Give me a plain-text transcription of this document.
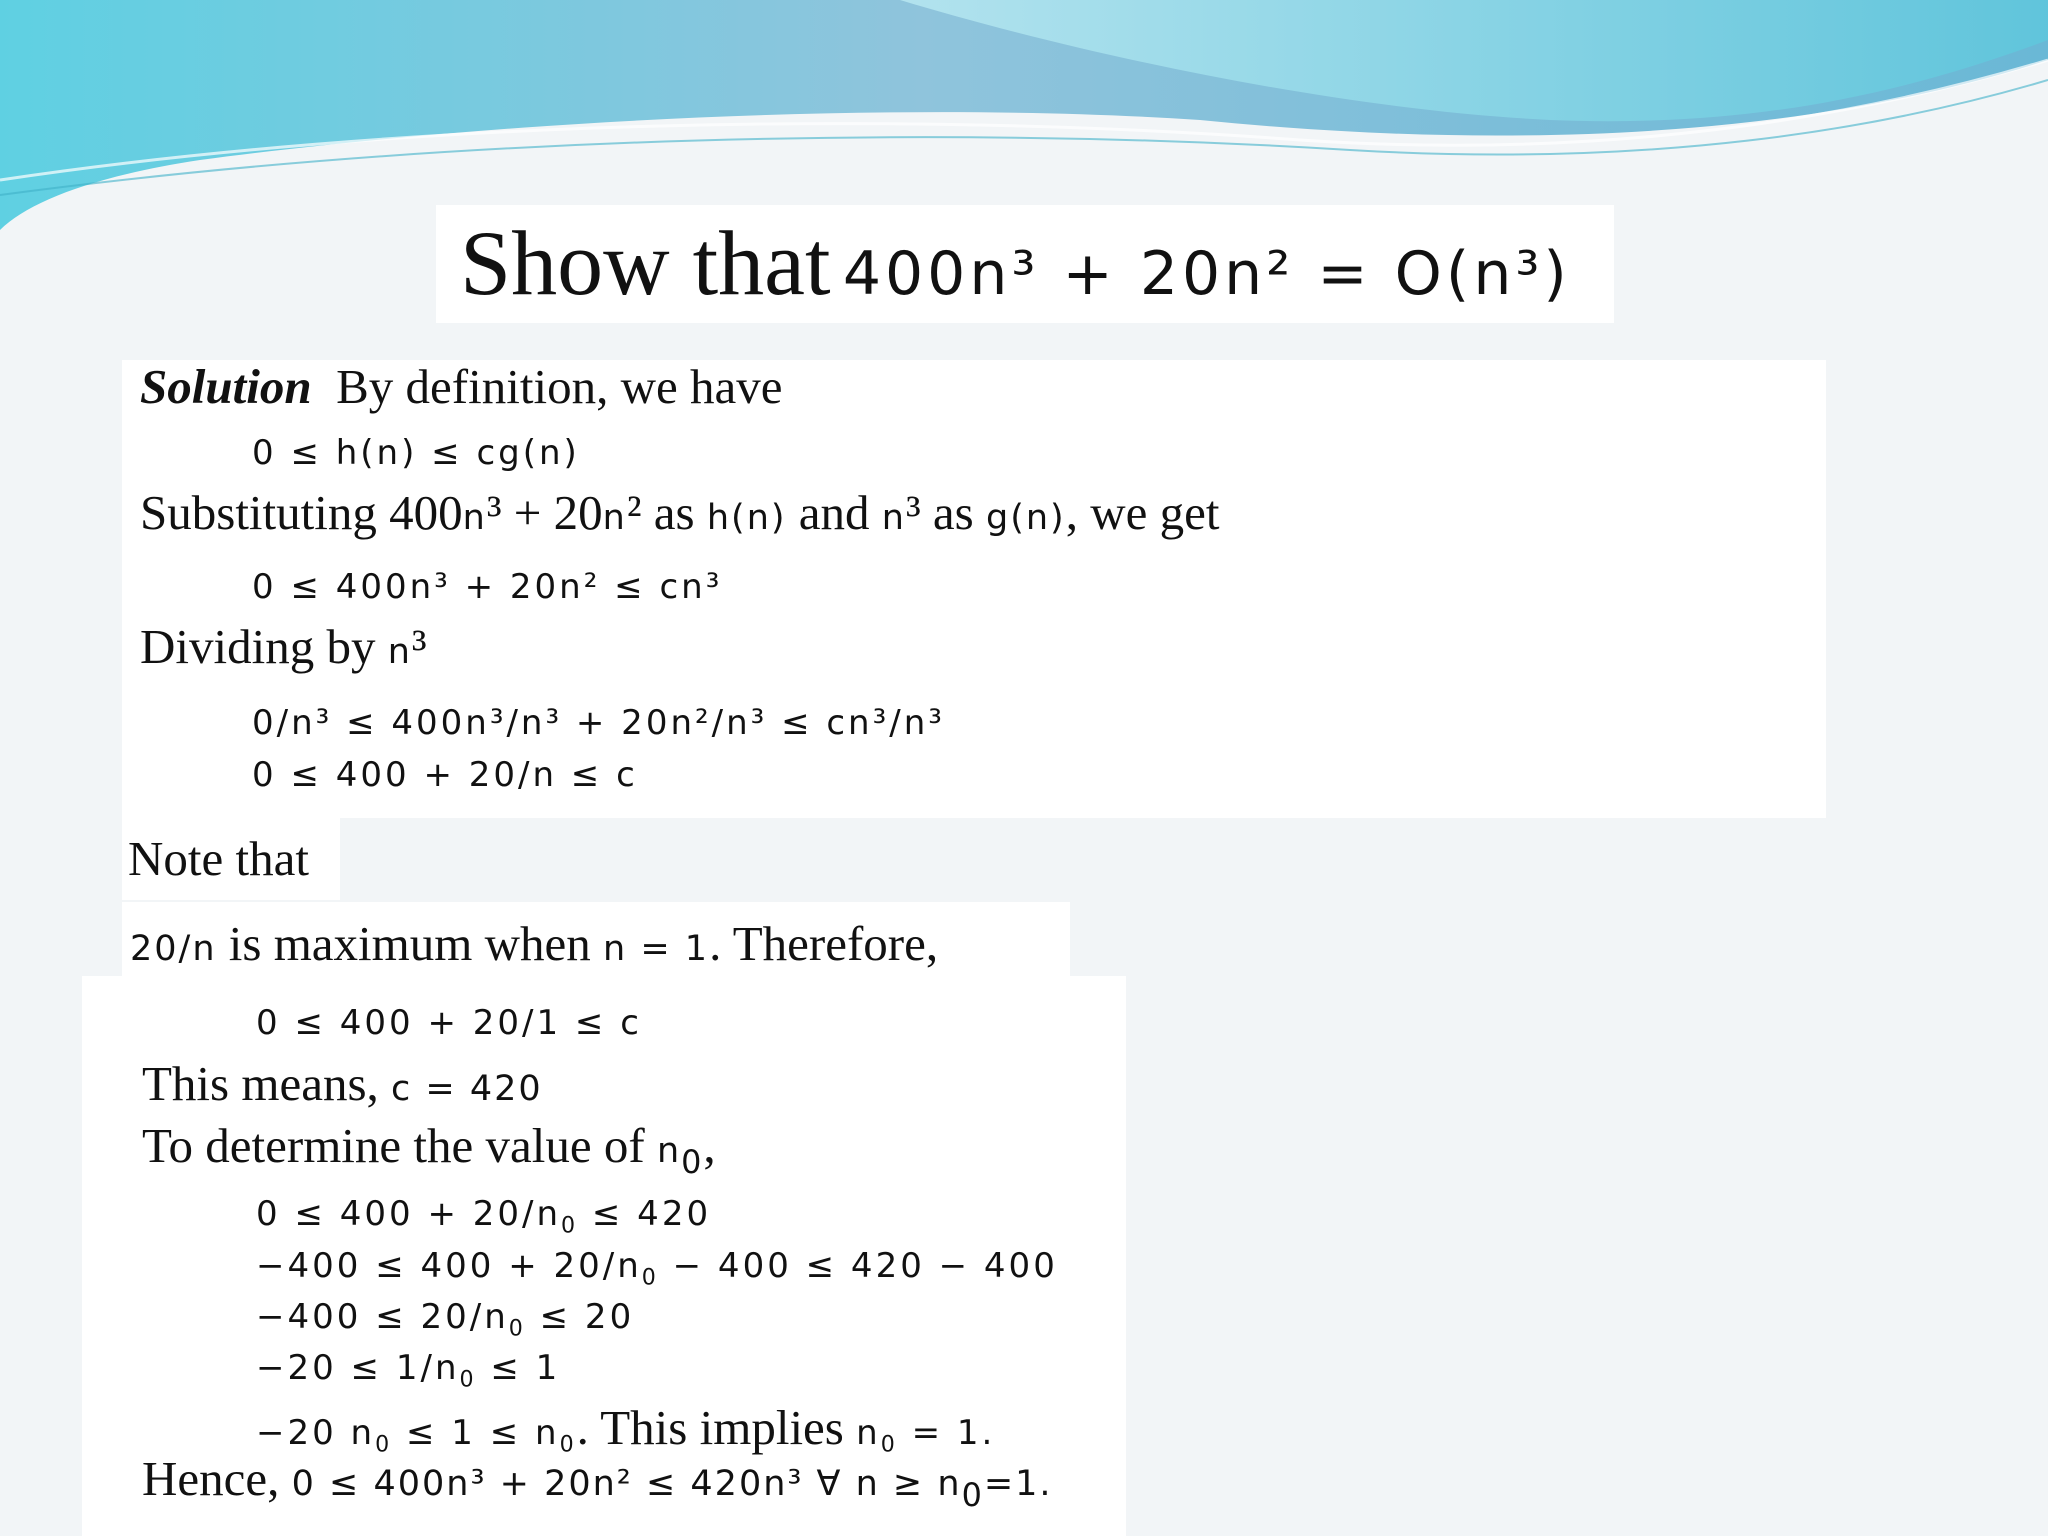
Show that 400n³ + 20n² = O(n³)
Solution By definition, we have
0 ≤ h(n) ≤ cg(n)
Substituting 400n³ + 20n² as h(n) and n³ as g(n), we get
0 ≤ 400n³ + 20n² ≤ cn³
Dividing by n³
0/n³ ≤ 400n³/n³ + 20n²/n³ ≤ cn³/n³
0 ≤ 400 + 20/n ≤ c
Note that
20/n is maximum when n = 1. Therefore,
0 ≤ 400 + 20/1 ≤ c
This means, c = 420
To determine the value of $n_0$,
$0 \le 400 + 20/n_0 \le 420$
$-400 \le 400 + 20/n_0 - 400 \le 420 - 400$
$-400 \le 20/n_0 \le 20$
$-20 \le 1/n_0 \le 1$
−20 $n_0 \le 1 \le n_0$. This implies $n_0 = 1$.
Hence, 0 ≤ 400n³ + 20n² ≤ 420n³ ∀ $n \ge n_0=1$.
